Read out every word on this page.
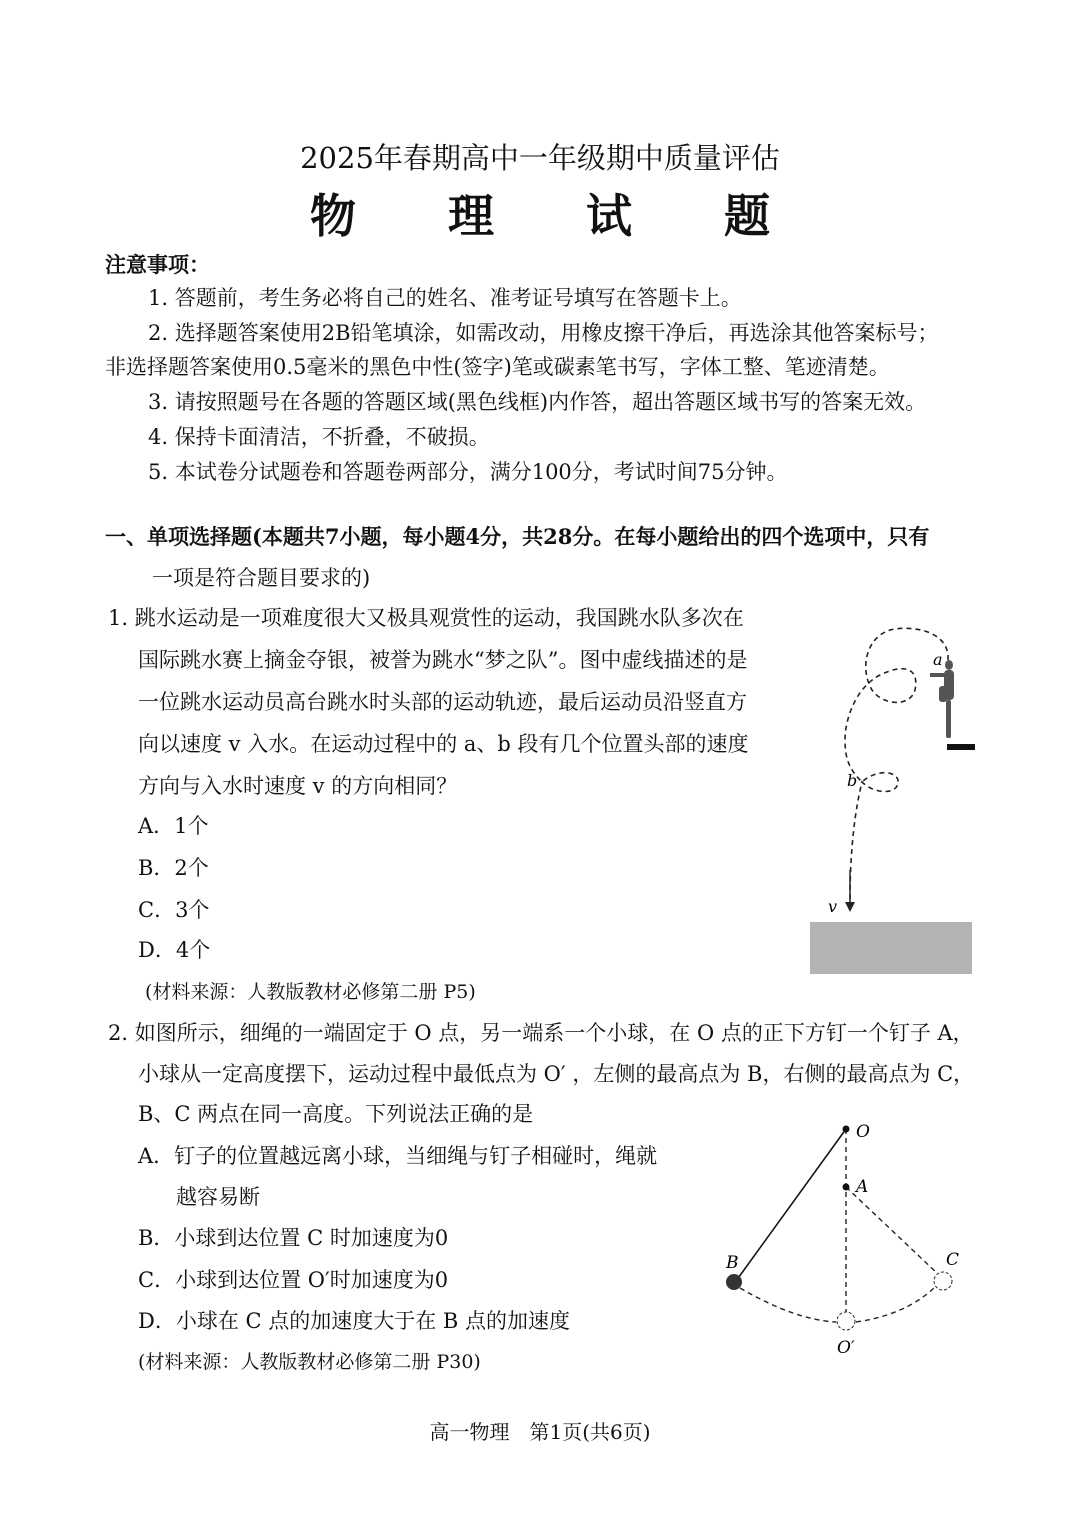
2025年春期高中一年级期中质量评估
物 理 试 题
注意事项：
1. 答题前，考生务必将自己的姓名、准考证号填写在答题卡上。
2. 选择题答案使用2B铅笔填涂，如需改动，用橡皮擦干净后，再选涂其他答案标号；
非选择题答案使用0.5毫米的黑色中性(签字)笔或碳素笔书写，字体工整、笔迹清楚。
3. 请按照题号在各题的答题区域(黑色线框)内作答，超出答题区域书写的答案无效。
4. 保持卡面清洁，不折叠，不破损。
5. 本试卷分试题卷和答题卷两部分，满分100分，考试时间75分钟。
一、单项选择题(本题共7小题，每小题4分，共28分。在每小题给出的四个选项中，只有
一项是符合题目要求的)
1. 跳水运动是一项难度很大又极具观赏性的运动，我国跳水队多次在
国际跳水赛上摘金夺银，被誉为跳水“梦之队”。图中虚线描述的是
一位跳水运动员高台跳水时头部的运动轨迹，最后运动员沿竖直方
向以速度 v 入水。在运动过程中的 a、b 段有几个位置头部的速度
方向与入水时速度 v 的方向相同？
A．1个
B．2个
C．3个
D．4个
(材料来源：人教版教材必修第二册 P5)
a
b
v
2. 如图所示，细绳的一端固定于 O 点，另一端系一个小球，在 O 点的正下方钉一个钉子 A，
小球从一定高度摆下，运动过程中最低点为 O′ ，左侧的最高点为 B，右侧的最高点为 C，
B、C 两点在同一高度。下列说法正确的是
A．钉子的位置越远离小球，当细绳与钉子相碰时，绳就
越容易断
B．小球到达位置 C 时加速度为0
C．小球到达位置 O′时加速度为0
D．小球在 C 点的加速度大于在 B 点的加速度
(材料来源：人教版教材必修第二册 P30)
O
A
B	C
O′
高一物理　第1页(共6页)
